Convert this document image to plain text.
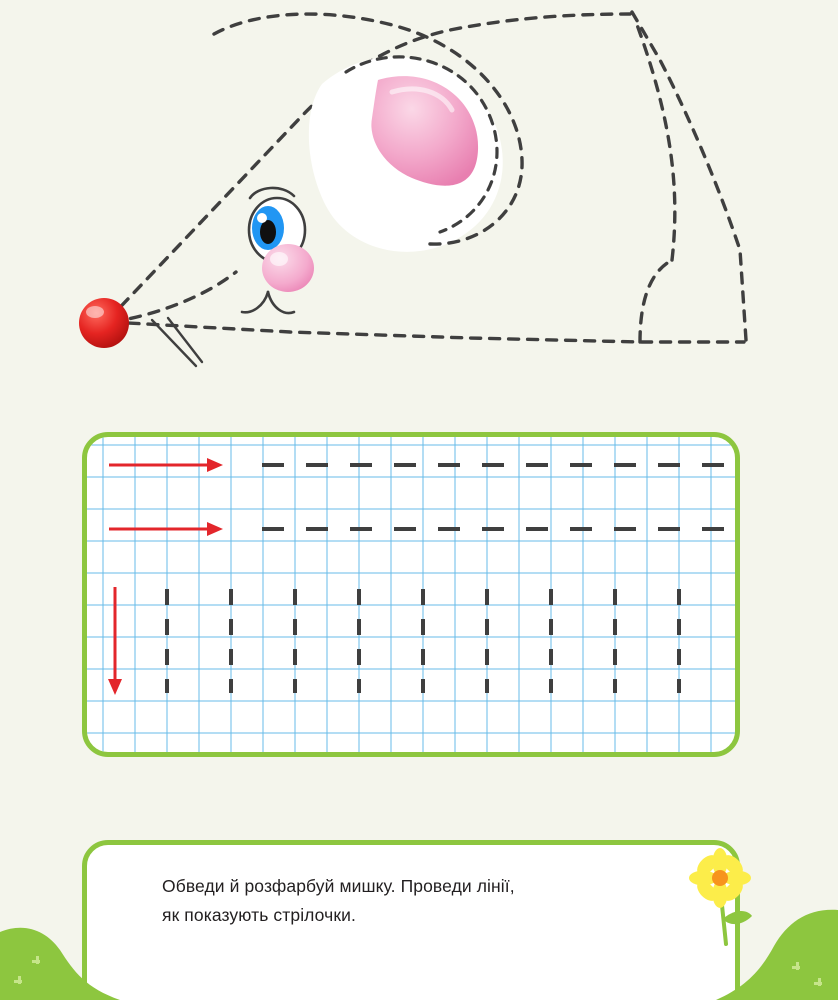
Обведи й розфарбуй мишку. Проведи лінії,
як показують стрілочки.
